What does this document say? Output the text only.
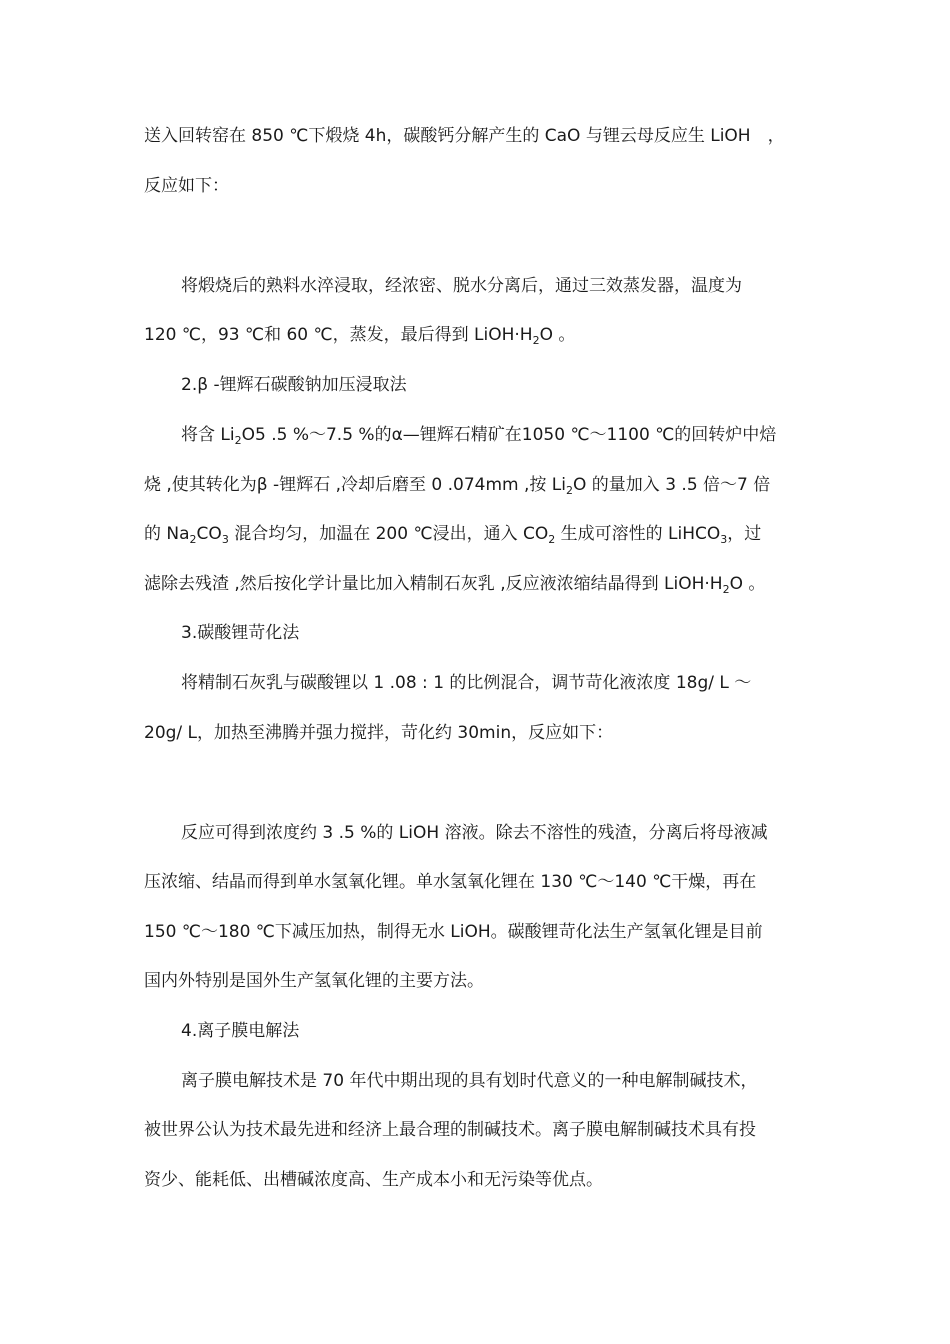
送入回转窑在 850 ℃下煅烧 4h，碳酸钙分解产生的 CaO 与锂云母反应生 LiOH　，
反应如下：
将煅烧后的熟料水淬浸取，经浓密、脱水分离后，通过三效蒸发器，温度为
120 ℃，93 ℃和 60 ℃，蒸发，最后得到 $LiOH\cdot H_2O$ 。
2.β -锂辉石碳酸钠加压浸取法
将含 $Li_2O5$ .5 %～7.5 %的α—锂辉石精矿在1050 ℃～1100 ℃的回转炉中焙
烧 ,使其转化为β -锂辉石 ,冷却后磨至 0 .074mm ,按 $Li_2O$ 的量加入 3 .5 倍～7 倍
的 $Na_2CO_3$ 混合均匀，加温在 200 ℃浸出，通入 $CO_2$ 生成可溶性的 LiHCO$_3$，过
滤除去残渣 ,然后按化学计量比加入精制石灰乳 ,反应液浓缩结晶得到 $LiOH\cdot H_2O$ 。
3.碳酸锂苛化法
将精制石灰乳与碳酸锂以 1 .08 : 1 的比例混合，调节苛化液浓度 18g/ L ～
20g/ L，加热至沸腾并强力搅拌，苛化约 30min，反应如下：
反应可得到浓度约 3 .5 %的 LiOH 溶液。除去不溶性的残渣，分离后将母液减
压浓缩、结晶而得到单水氢氧化锂。单水氢氧化锂在 130 ℃～140 ℃干燥，再在
150 ℃～180 ℃下减压加热，制得无水 LiOH。碳酸锂苛化法生产氢氧化锂是目前
国内外特别是国外生产氢氧化锂的主要方法。
4.离子膜电解法
离子膜电解技术是 70 年代中期出现的具有划时代意义的一种电解制碱技术，
被世界公认为技术最先进和经济上最合理的制碱技术。离子膜电解制碱技术具有投
资少、能耗低、出槽碱浓度高、生产成本小和无污染等优点。
